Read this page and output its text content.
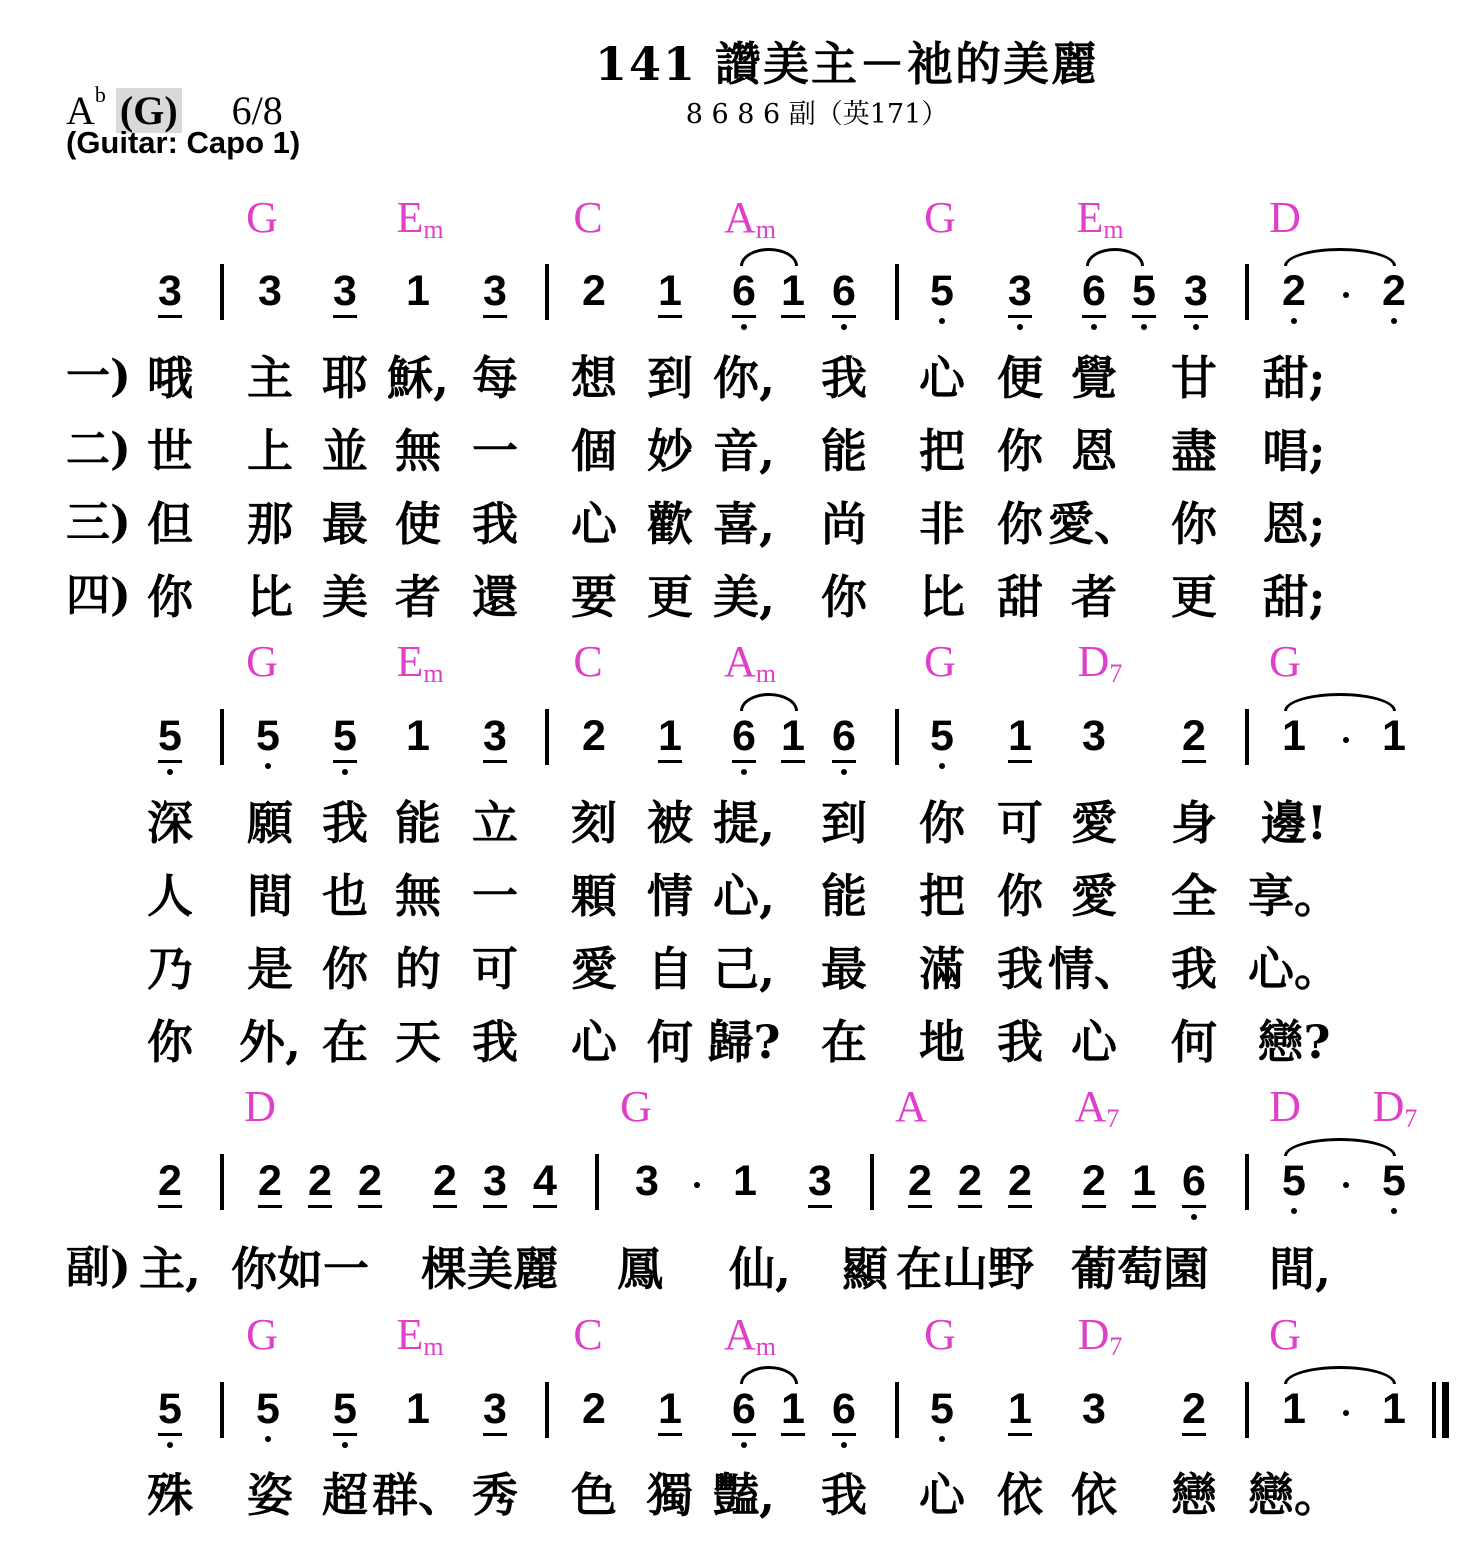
141 讚美主－祂的美麗
8 6 8 6 副（英171）
$A^b$ (G) 6/8
(Guitar: Capo 1)
G	$E_m$	C	$A_m$	G	$E_m$	D
3 3 3 1 3 2 1 6 1 6 5 3 6 5 3 2 2
一) 哦 主 耶 穌, 每 想 到 你, 我 心 便 覺 甘 甜;
二) 世 上 並 無 一 個 妙 音, 能 把 你 恩 盡 唱;
三) 但 那 最 使 我 心 歡 喜, 尚 非 你 愛、 你 恩;
四) 你 比 美 者 還 要 更 美, 你 比 甜 者 更 甜;
G	$E_m$	C	$A_m$	G	$D_7$	G
5 5 5 1 3 2 1 6 1 6 5 1 3 2 1 1
深 願 我 能 立 刻 被 提, 到 你 可 愛 身 邊!
人 間 也 無 一 顆 情 心, 能 把 你 愛 全 享。
乃 是 你 的 可 愛 自 己, 最 滿 我 情、 我 心。
你 外, 在 天 我 心 何 歸? 在 地 我 心 何 戀?
D	G	A	$A_7$	D $D_7$
2 2 2 2 2 3 4 3 1 3 2 2 2 2 1 6 5 5
副) 主, 你如一 棵美麗 鳳 仙, 顯 在山野 葡萄園 間,
G	$E_m$	C	$A_m$	G	$D_7$	G
5 5 5 1 3 2 1 6 1 6 5 1 3 2 1 1
殊 姿 超 群、 秀 色 獨 豔, 我 心 依 依 戀 戀。
